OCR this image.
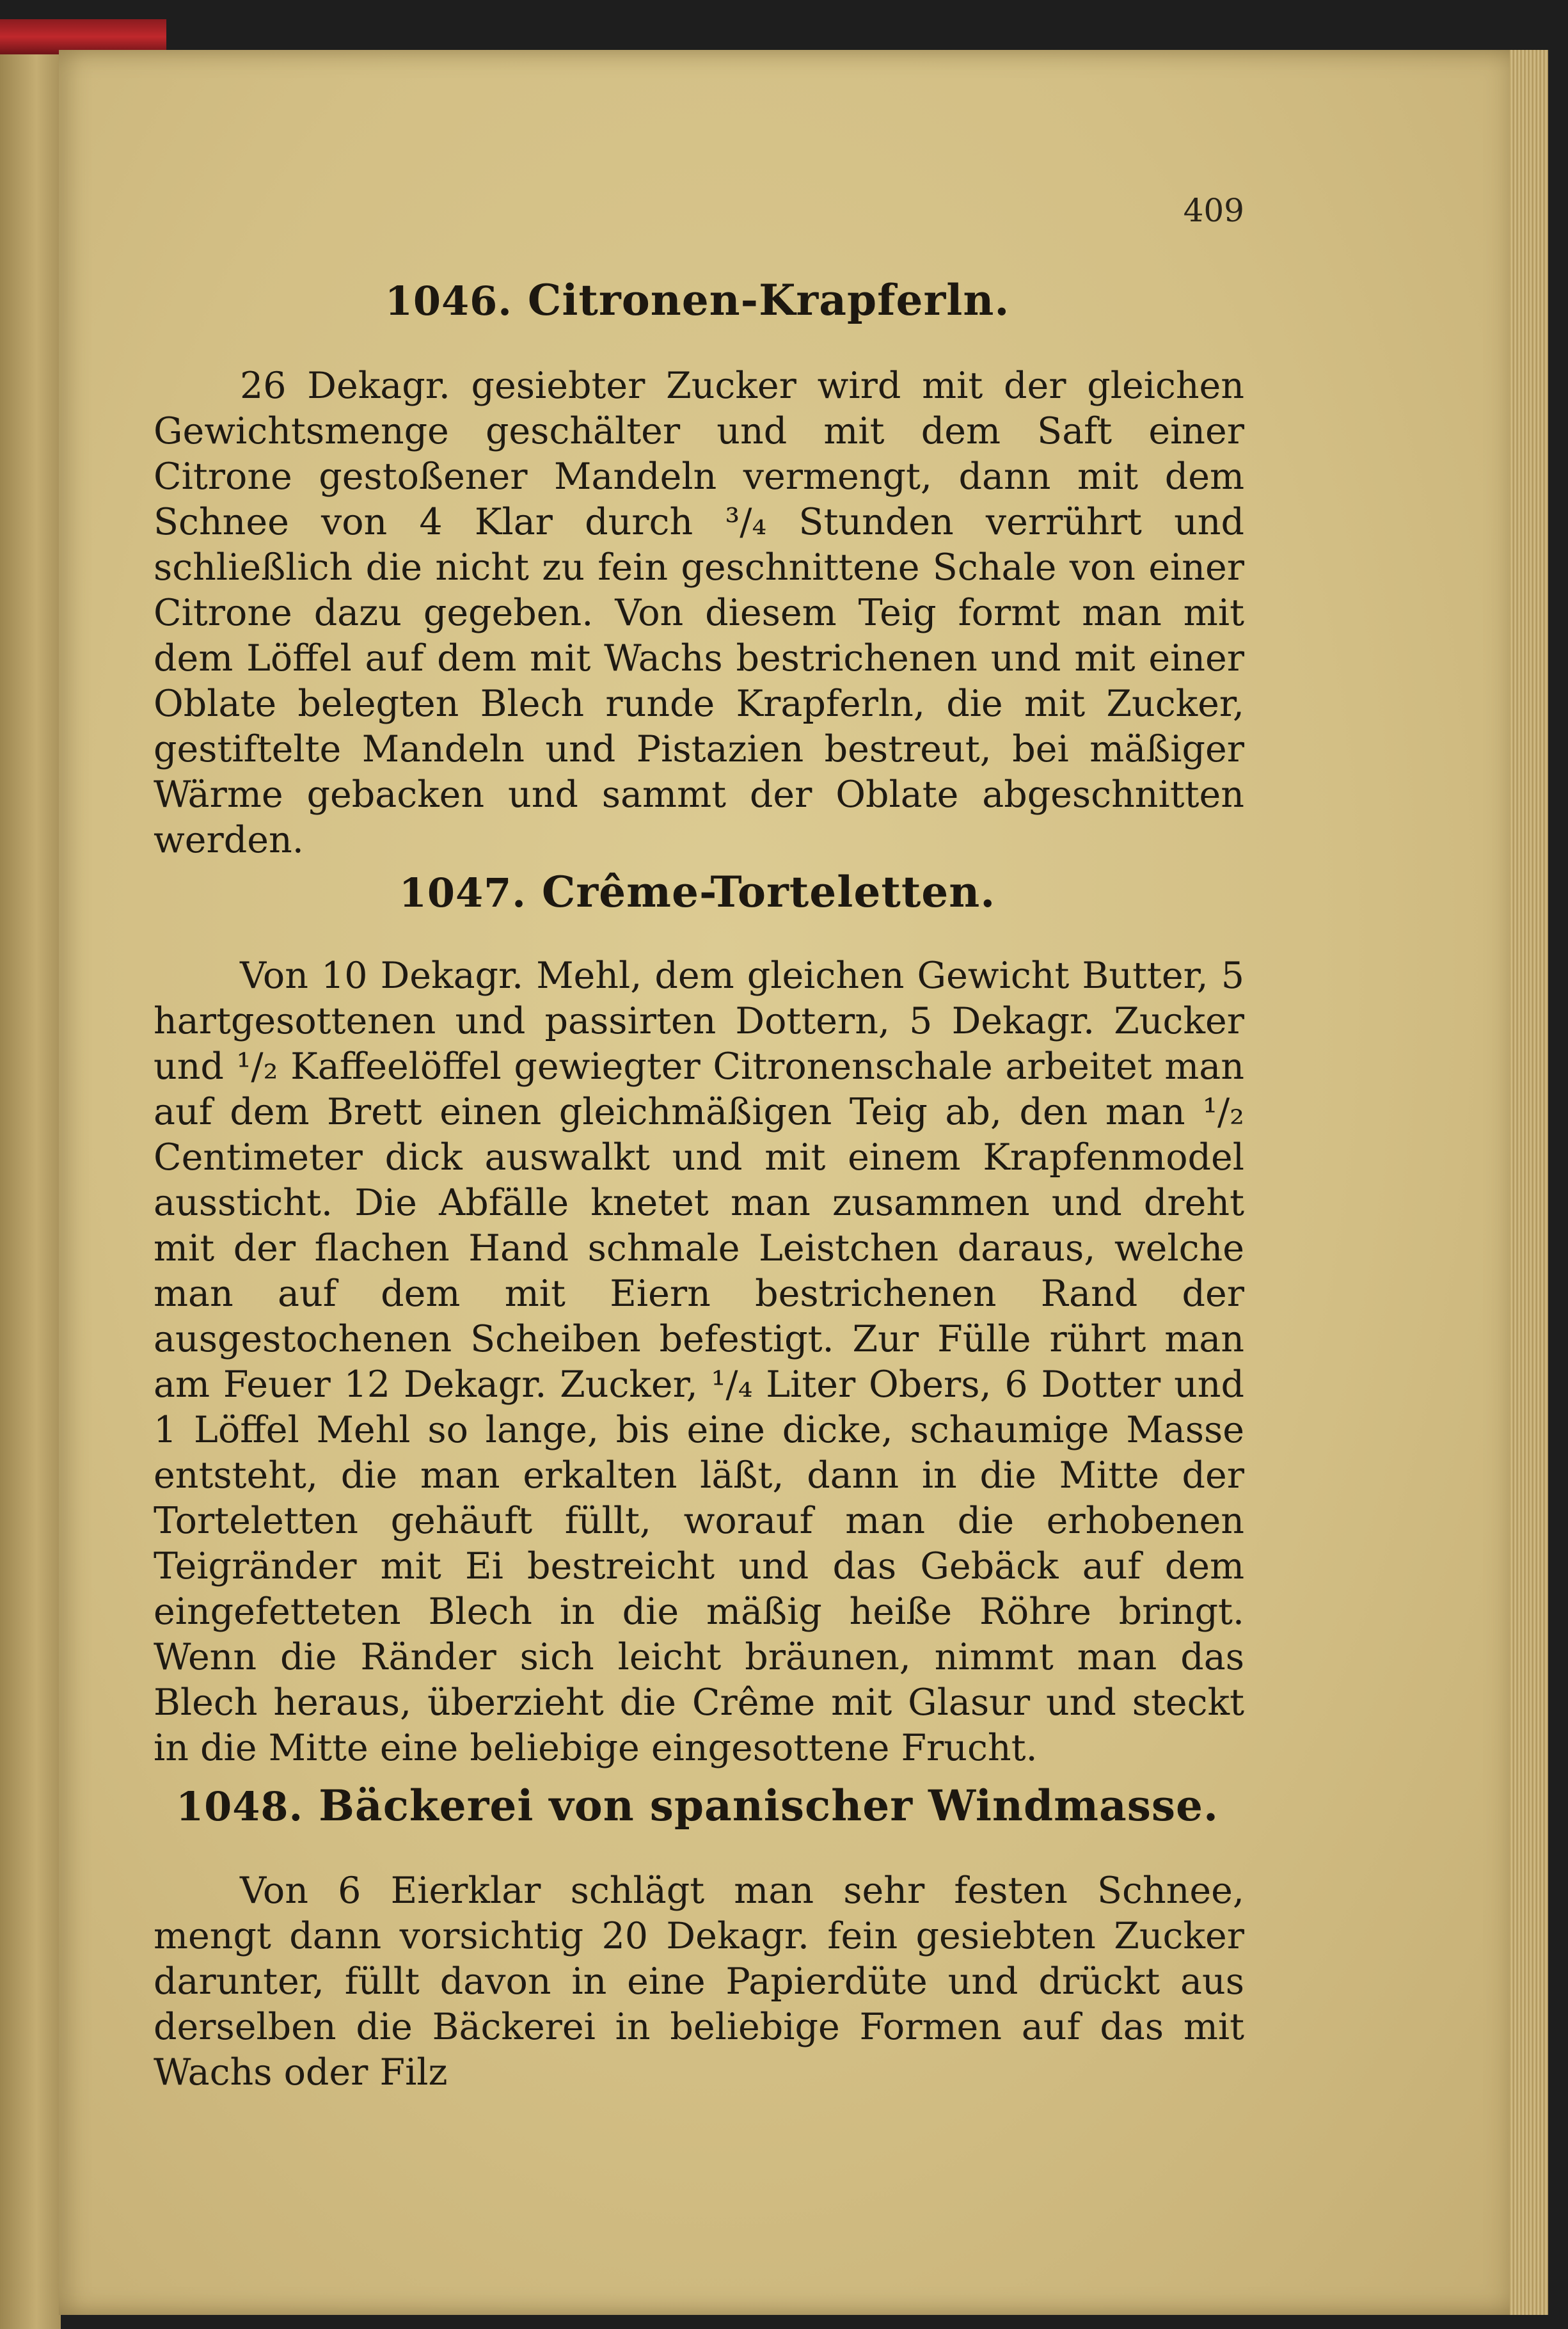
409
1046. Citronen-Krapferln.
26 Dekagr. gesiebter Zucker wird mit der gleichen Gewichtsmenge geschälter und mit dem Saft einer Citrone gestoßener Mandeln vermengt, dann mit dem Schnee von 4 Klar durch ³/₄ Stunden verrührt und schließlich die nicht zu fein geschnittene Schale von einer Citrone dazu gegeben. Von diesem Teig formt man mit dem Löffel auf dem mit Wachs bestrichenen und mit einer Oblate belegten Blech runde Krapferln, die mit Zucker, gestiftelte Mandeln und Pistazien bestreut, bei mäßiger Wärme gebacken und sammt der Oblate abgeschnitten werden.
1047. Crême-Torteletten.
Von 10 Dekagr. Mehl, dem gleichen Gewicht Butter, 5 hartgesottenen und passirten Dottern, 5 Dekagr. Zucker und ¹/₂ Kaffeelöffel gewiegter Citronenschale arbeitet man auf dem Brett einen gleichmäßigen Teig ab, den man ¹/₂ Centimeter dick auswalkt und mit einem Krapfenmodel aussticht. Die Abfälle knetet man zusammen und dreht mit der flachen Hand schmale Leistchen daraus, welche man auf dem mit Eiern bestrichenen Rand der ausgestochenen Scheiben befestigt. Zur Fülle rührt man am Feuer 12 Dekagr. Zucker, ¹/₄ Liter Obers, 6 Dotter und 1 Löffel Mehl so lange, bis eine dicke, schaumige Masse entsteht, die man erkalten läßt, dann in die Mitte der Torteletten gehäuft füllt, worauf man die erhobenen Teigränder mit Ei bestreicht und das Gebäck auf dem eingefetteten Blech in die mäßig heiße Röhre bringt. Wenn die Ränder sich leicht bräunen, nimmt man das Blech heraus, überzieht die Crême mit Glasur und steckt in die Mitte eine beliebige eingesottene Frucht.
1048. Bäckerei von spanischer Windmasse.
Von 6 Eierklar schlägt man sehr festen Schnee, mengt dann vorsichtig 20 Dekagr. fein gesiebten Zucker darunter, füllt davon in eine Papierdüte und drückt aus derselben die Bäckerei in beliebige Formen auf das mit Wachs oder Filz
